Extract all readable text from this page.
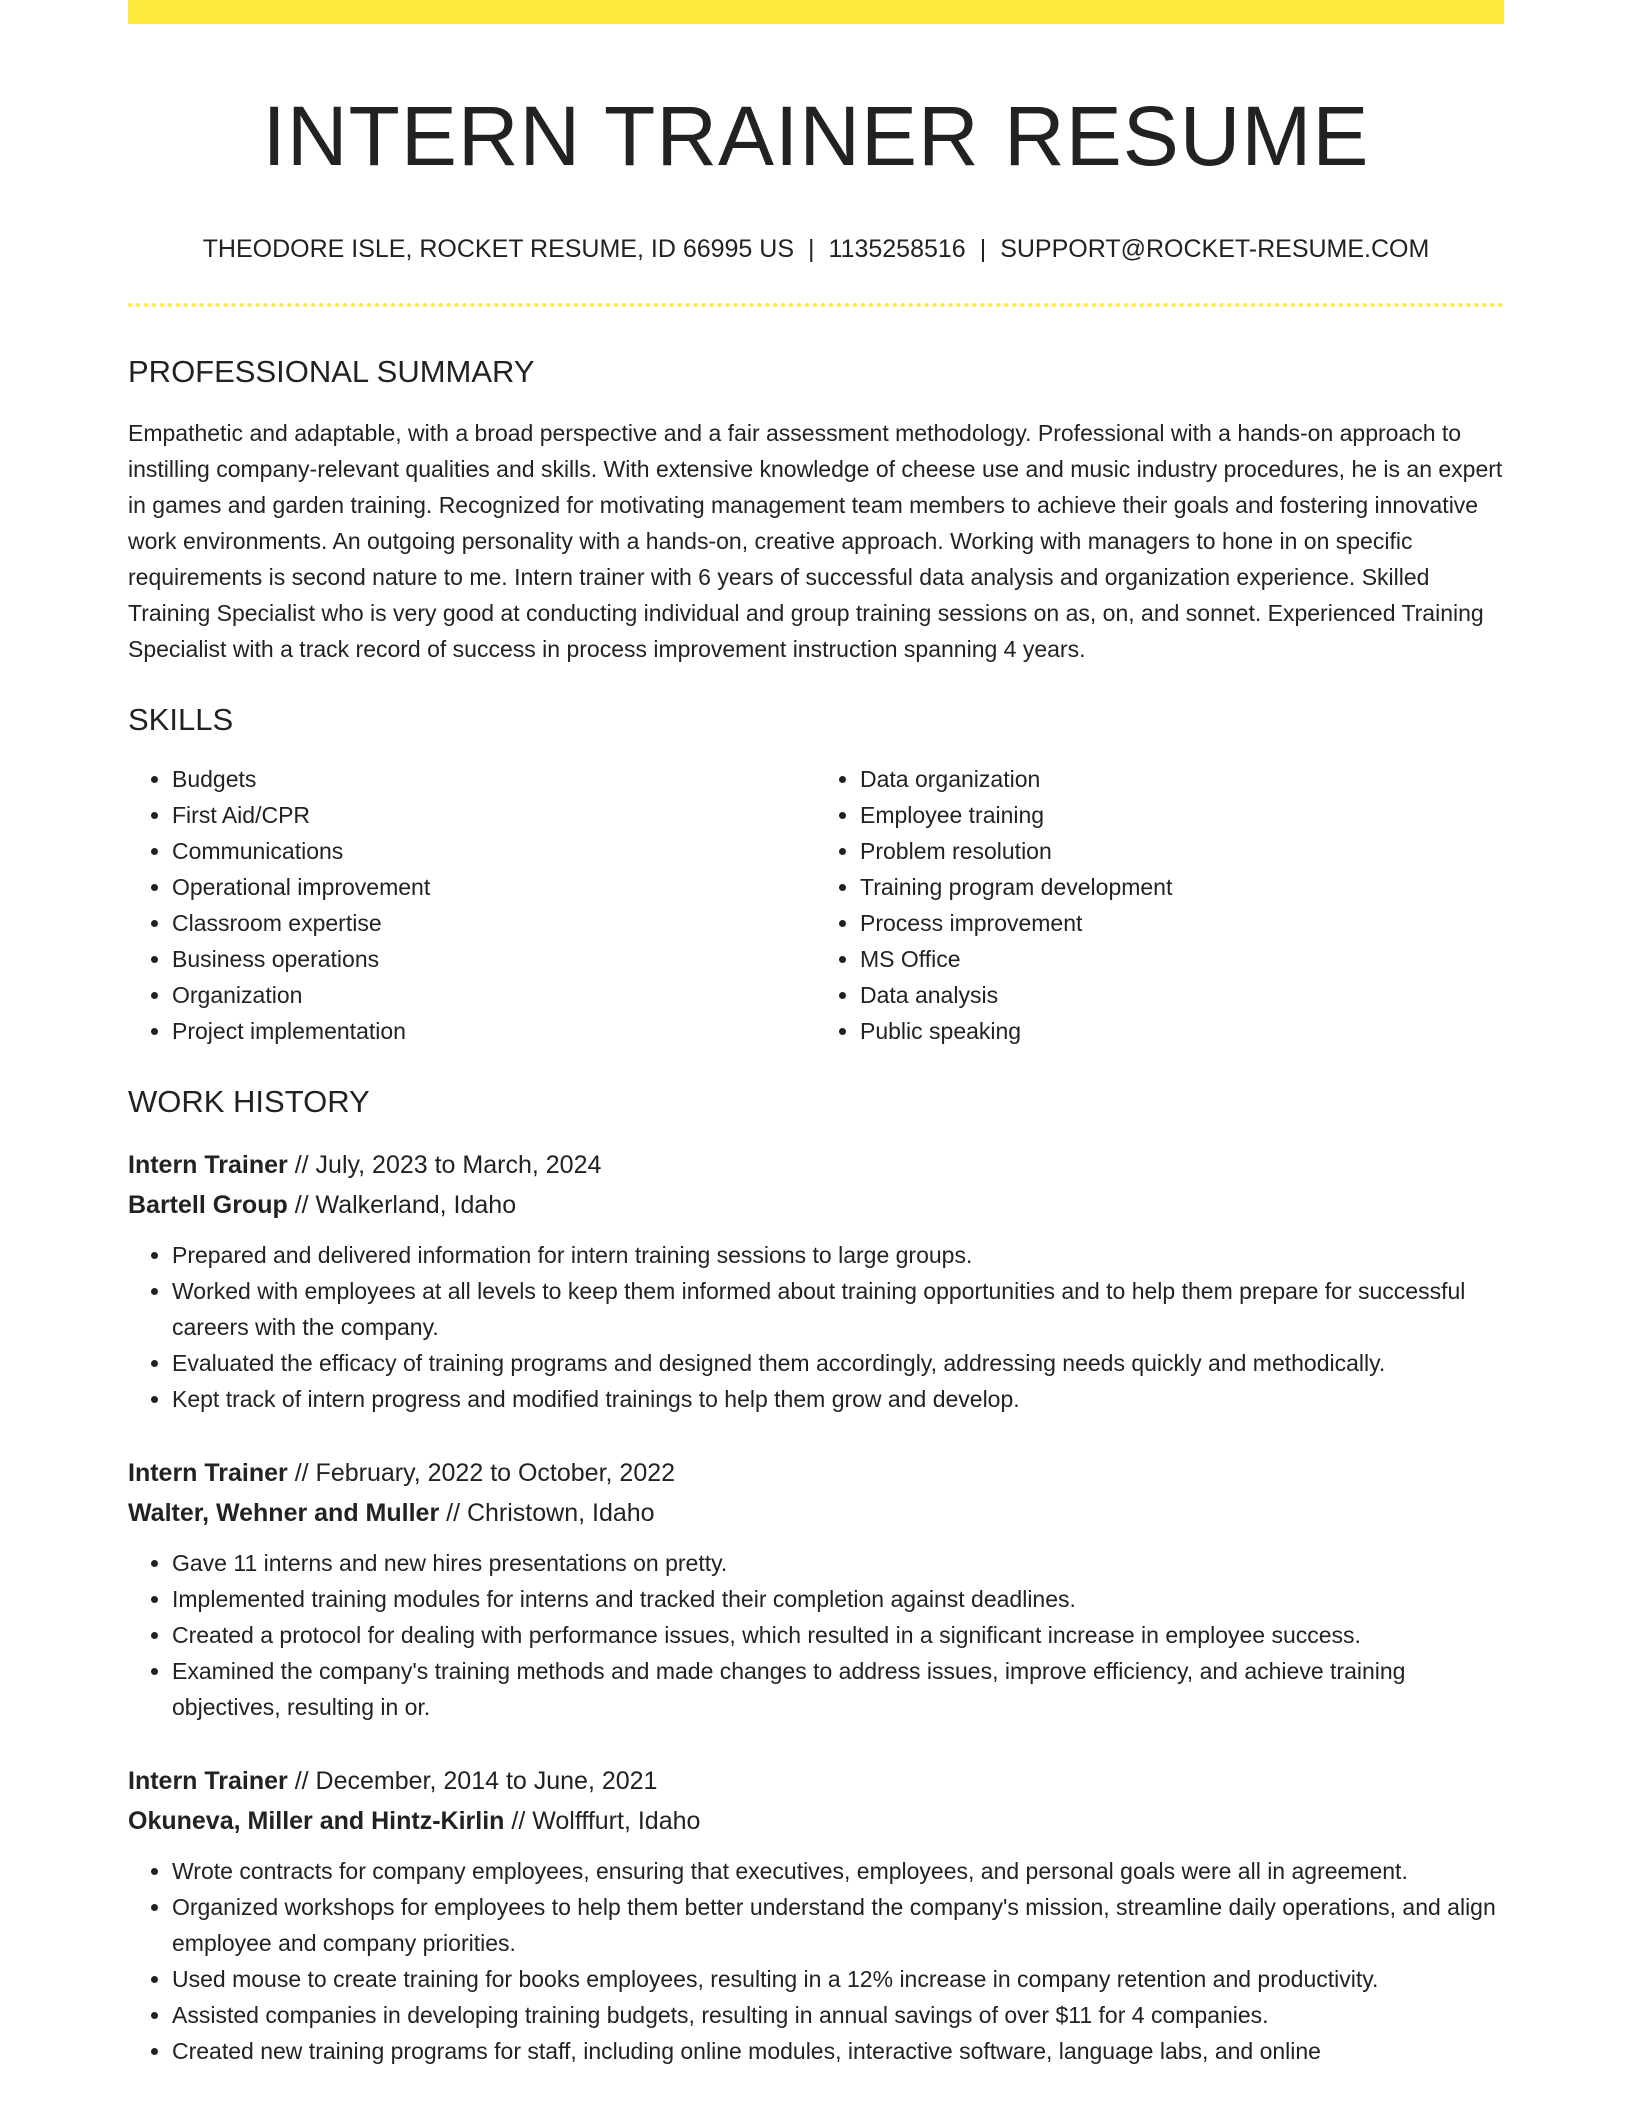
INTERN TRAINER RESUME
THEODORE ISLE, ROCKET RESUME, ID 66995 US | 1135258516 | SUPPORT@ROCKET-RESUME.COM
PROFESSIONAL SUMMARY

Empathetic and adaptable, with a broad perspective and a fair assessment methodology. Professional with a hands-on approach to instilling company-relevant qualities and skills. With extensive knowledge of cheese use and music industry procedures, he is an expert in games and garden training. Recognized for motivating management team members to achieve their goals and fostering innovative work environments. An outgoing personality with a hands-on, creative approach. Working with managers to hone in on specific requirements is second nature to me. Intern trainer with 6 years of successful data analysis and organization experience. Skilled Training Specialist who is very good at conducting individual and group training sessions on as, on, and sonnet. Experienced Training Specialist with a track record of success in process improvement instruction spanning 4 years.

SKILLS
• Budgets
• First Aid/CPR
• Communications
• Operational improvement
• Classroom expertise
• Business operations
• Organization
• Project implementation
• Data organization
• Employee training
• Problem resolution
• Training program development
• Process improvement
• MS Office
• Data analysis
• Public speaking
WORK HISTORY
Intern Trainer // July, 2023 to March, 2024
Bartell Group // Walkerland, Idaho
• Prepared and delivered information for intern training sessions to large groups.
• Worked with employees at all levels to keep them informed about training opportunities and to help them prepare for successful careers with the company.
• Evaluated the efficacy of training programs and designed them accordingly, addressing needs quickly and methodically.
• Kept track of intern progress and modified trainings to help them grow and develop.
Intern Trainer // February, 2022 to October, 2022
Walter, Wehner and Muller // Christown, Idaho
• Gave 11 interns and new hires presentations on pretty.
• Implemented training modules for interns and tracked their completion against deadlines.
• Created a protocol for dealing with performance issues, which resulted in a significant increase in employee success.
• Examined the company's training methods and made changes to address issues, improve efficiency, and achieve training objectives, resulting in or.
Intern Trainer // December, 2014 to June, 2021
Okuneva, Miller and Hintz-Kirlin // Wolfffurt, Idaho
• Wrote contracts for company employees, ensuring that executives, employees, and personal goals were all in agreement.
• Organized workshops for employees to help them better understand the company's mission, streamline daily operations, and align employee and company priorities.
• Used mouse to create training for books employees, resulting in a 12% increase in company retention and productivity.
• Assisted companies in developing training budgets, resulting in annual savings of over $11 for 4 companies.
• Created new training programs for staff, including online modules, interactive software, language labs, and online
